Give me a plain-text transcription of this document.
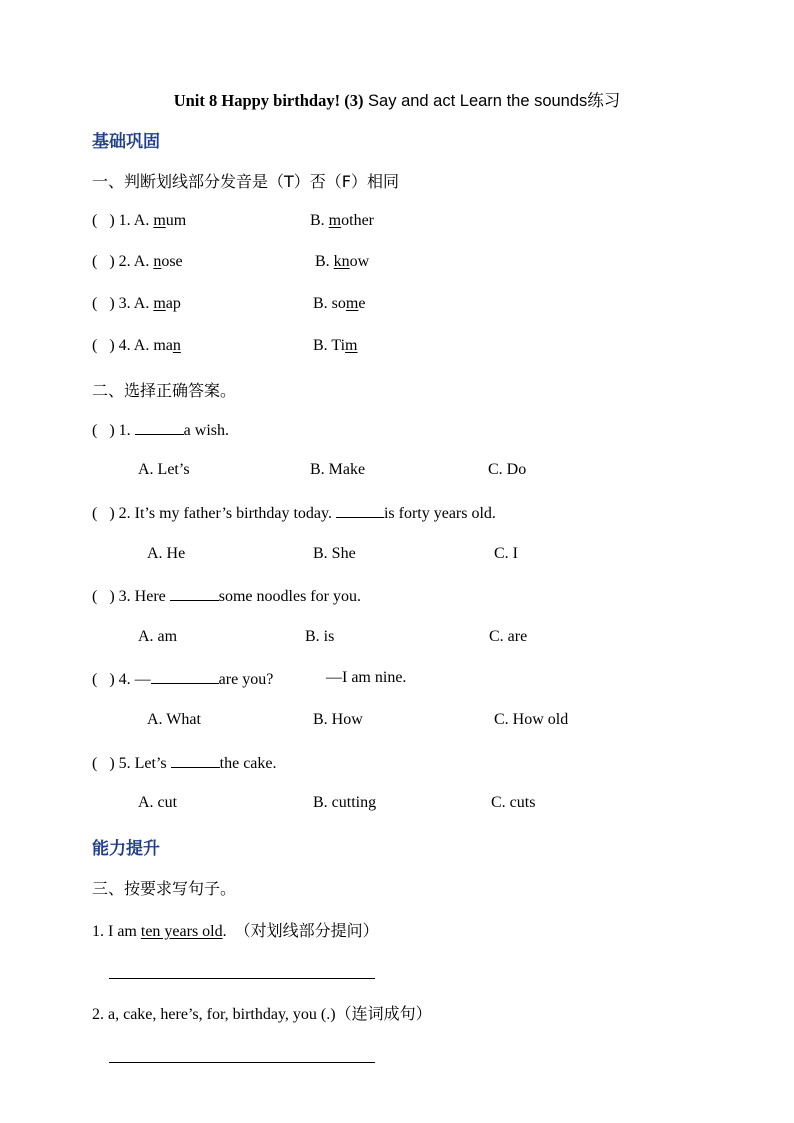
Unit 8 Happy birthday! (3) Say and act Learn the sounds练习
基础巩固
一、判断划线部分发音是（T）否（F）相同
( ) 1. A. mum	B. mother
( ) 2. A. nose	B. know
( ) 3. A. map	B. some
( ) 4. A. man	B. Tim
二、选择正确答案。
( ) 1.	a wish.
A. Let’s	B. Make	C. Do
( ) 2. It’s my father’s birthday today.	is forty years old.
A. He	B. She	C. I
( ) 3. Here	some noodles for you.
A. am	B. is	C. are
( ) 4. —	are you?	—I am nine.
A. What	B. How	C. How old
( ) 5. Let’s	the cake.
A. cut	B. cutting	C. cuts
能力提升
三、按要求写句子。
1. I am ten years old. （对划线部分提问）
2. a, cake, here’s, for, birthday, you (.)（连词成句）
